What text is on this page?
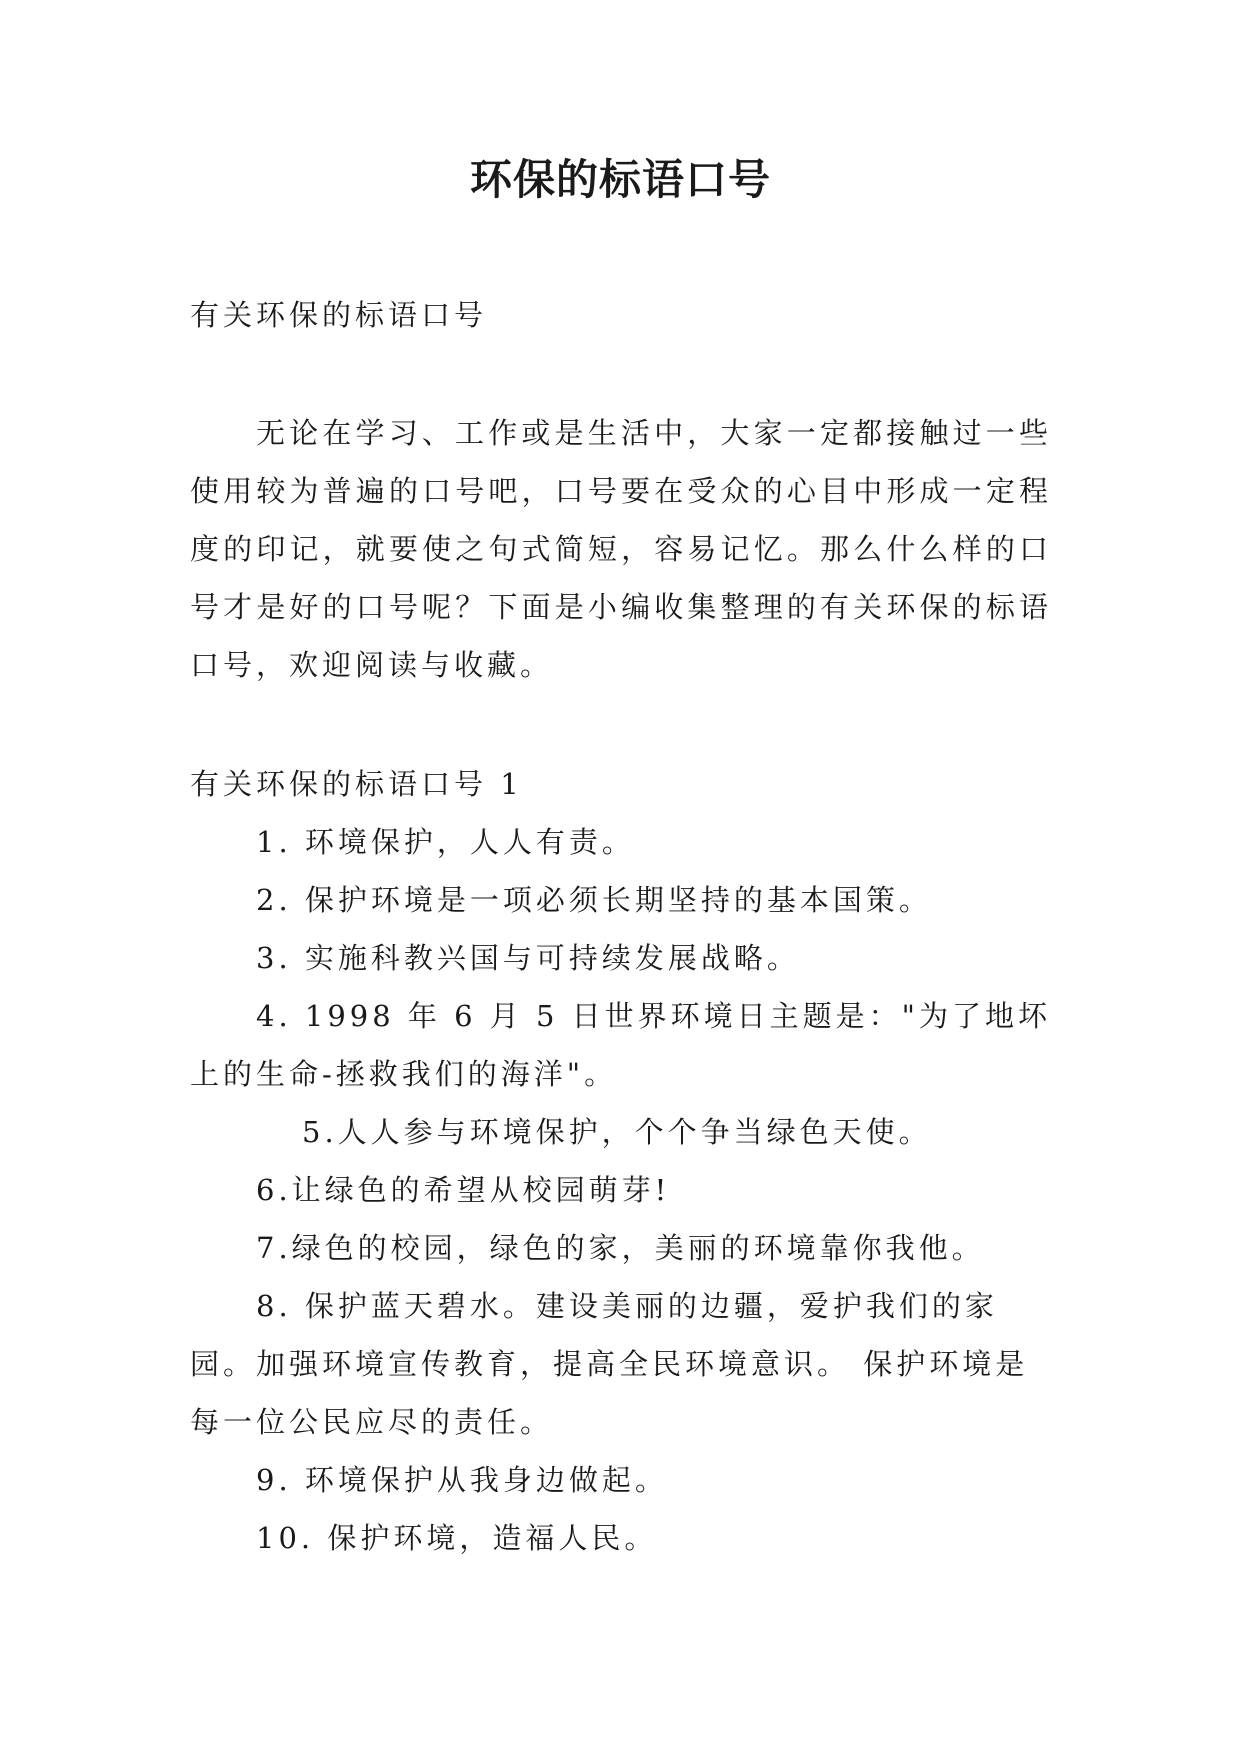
环保的标语口号

有关环保的标语口号

无论在学习、工作或是生活中，大家一定都接触过一些使用较为普遍的口号吧，口号要在受众的心目中形成一定程度的印记，就要使之句式简短，容易记忆。那么什么样的口号才是好的口号呢？下面是小编收集整理的有关环保的标语口号，欢迎阅读与收藏。

有关环保的标语口号 1

1. 环境保护，人人有责。
2. 保护环境是一项必须长期坚持的基本国策。
3. 实施科教兴国与可持续发展战略。
4. 1998 年 6 月 5 日世界环境日主题是："为了地坏上的生命-拯救我们的海洋"。
5.人人参与环境保护，个个争当绿色天使。
6.让绿色的希望从校园萌芽!
7.绿色的校园，绿色的家，美丽的环境靠你我他。
8. 保护蓝天碧水。建设美丽的边疆，爱护我们的家园。加强环境宣传教育，提高全民环境意识。 保护环境是每一位公民应尽的责任。
9. 环境保护从我身边做起。
10. 保护环境，造福人民。
